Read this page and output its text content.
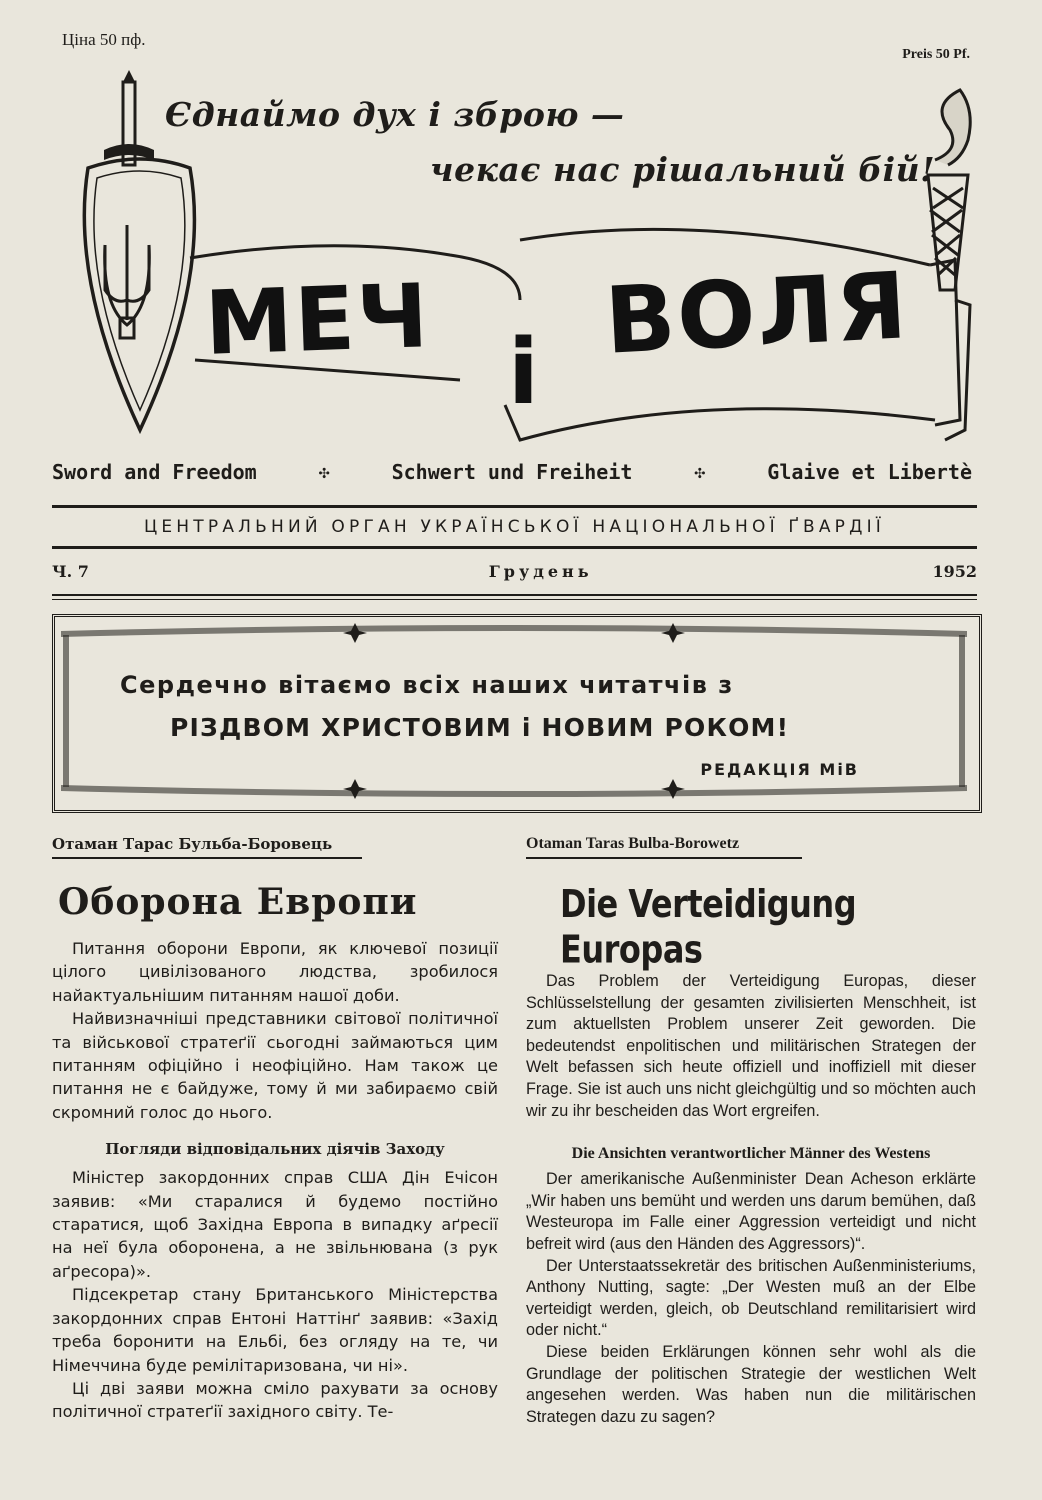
Ціна 50 пф.
Preis 50 Pf.
Єднаймо дух і зброю —
чекає нас рішальний бій!
МЕЧ і ВОЛЯ
Sword and Freedom	✣	Schwert und Freiheit	✣	Glaive et Libertè
ЦЕНТРАЛЬНИЙ ОРГАН УКРАЇНСЬКОЇ НАЦІОНАЛЬНОЇ ҐВАРДІЇ
Ч. 7	Грудень	1952
Сердечно вітаємо всіх наших читатчів з
РІЗДВОМ ХРИСТОВИМ і НОВИМ РОКОМ!
РЕДАКЦІЯ МіВ
Отаман Тарас Бульба-Боровець
Оборона Европи

Питання оборони Европи, як ключевої позиції цілого цивілізованого людства, зробилося найактуальнішим питанням нашої доби.

Найвизначніші представники світової політичної та військової стратеґії сьогодні займаються цим питанням офіційно і неофіційно. Нам також це питання не є байдуже, тому й ми забираємо свій скромний голос до нього.

Погляди відповідальних діячів Заходу

Міністер закордонних справ США Дін Ечісон заявив: «Ми старалися й будемо постійно старатися, щоб Західна Европа в випадку аґресії на неї була оборонена, а не звільнювана (з рук аґресора)».

Підсекретар стану Британського Міністерства закордонних справ Ентоні Наттінґ заявив: «Захід треба боронити на Ельбі, без огляду на те, чи Німеччина буде ремілітаризована, чи ні».

Ці дві заяви можна сміло рахувати за основу політичної стратеґії західного світу. Те-

Otaman Taras Bulba-Borowetz
Die Verteidigung Europas

Das Problem der Verteidigung Europas, dieser Schlüsselstellung der gesamten zivilisierten Menschheit, ist zum aktuellsten Problem unserer Zeit geworden. Die bedeutendst enpolitischen und militärischen Strategen der Welt befassen sich heute offiziell und inoffiziell mit dieser Frage. Sie ist auch uns nicht gleichgültig und so möchten auch wir zu ihr bescheiden das Wort ergreifen.

Die Ansichten verantwortlicher Männer des Westens

Der amerikanische Außenminister Dean Acheson erklärte „Wir haben uns bemüht und werden uns darum bemühen, daß Westeuropa im Falle einer Aggression verteidigt und nicht befreit wird (aus den Händen des Aggressors)“.

Der Unterstaatssekretär des britischen Außenministeriums, Anthony Nutting, sagte: „Der Westen muß an der Elbe verteidigt werden, gleich, ob Deutschland remilitarisiert wird oder nicht.“

Diese beiden Erklärungen können sehr wohl als die Grundlage der politischen Strategie der westlichen Welt angesehen werden. Was haben nun die militärischen Strategen dazu zu sagen?
